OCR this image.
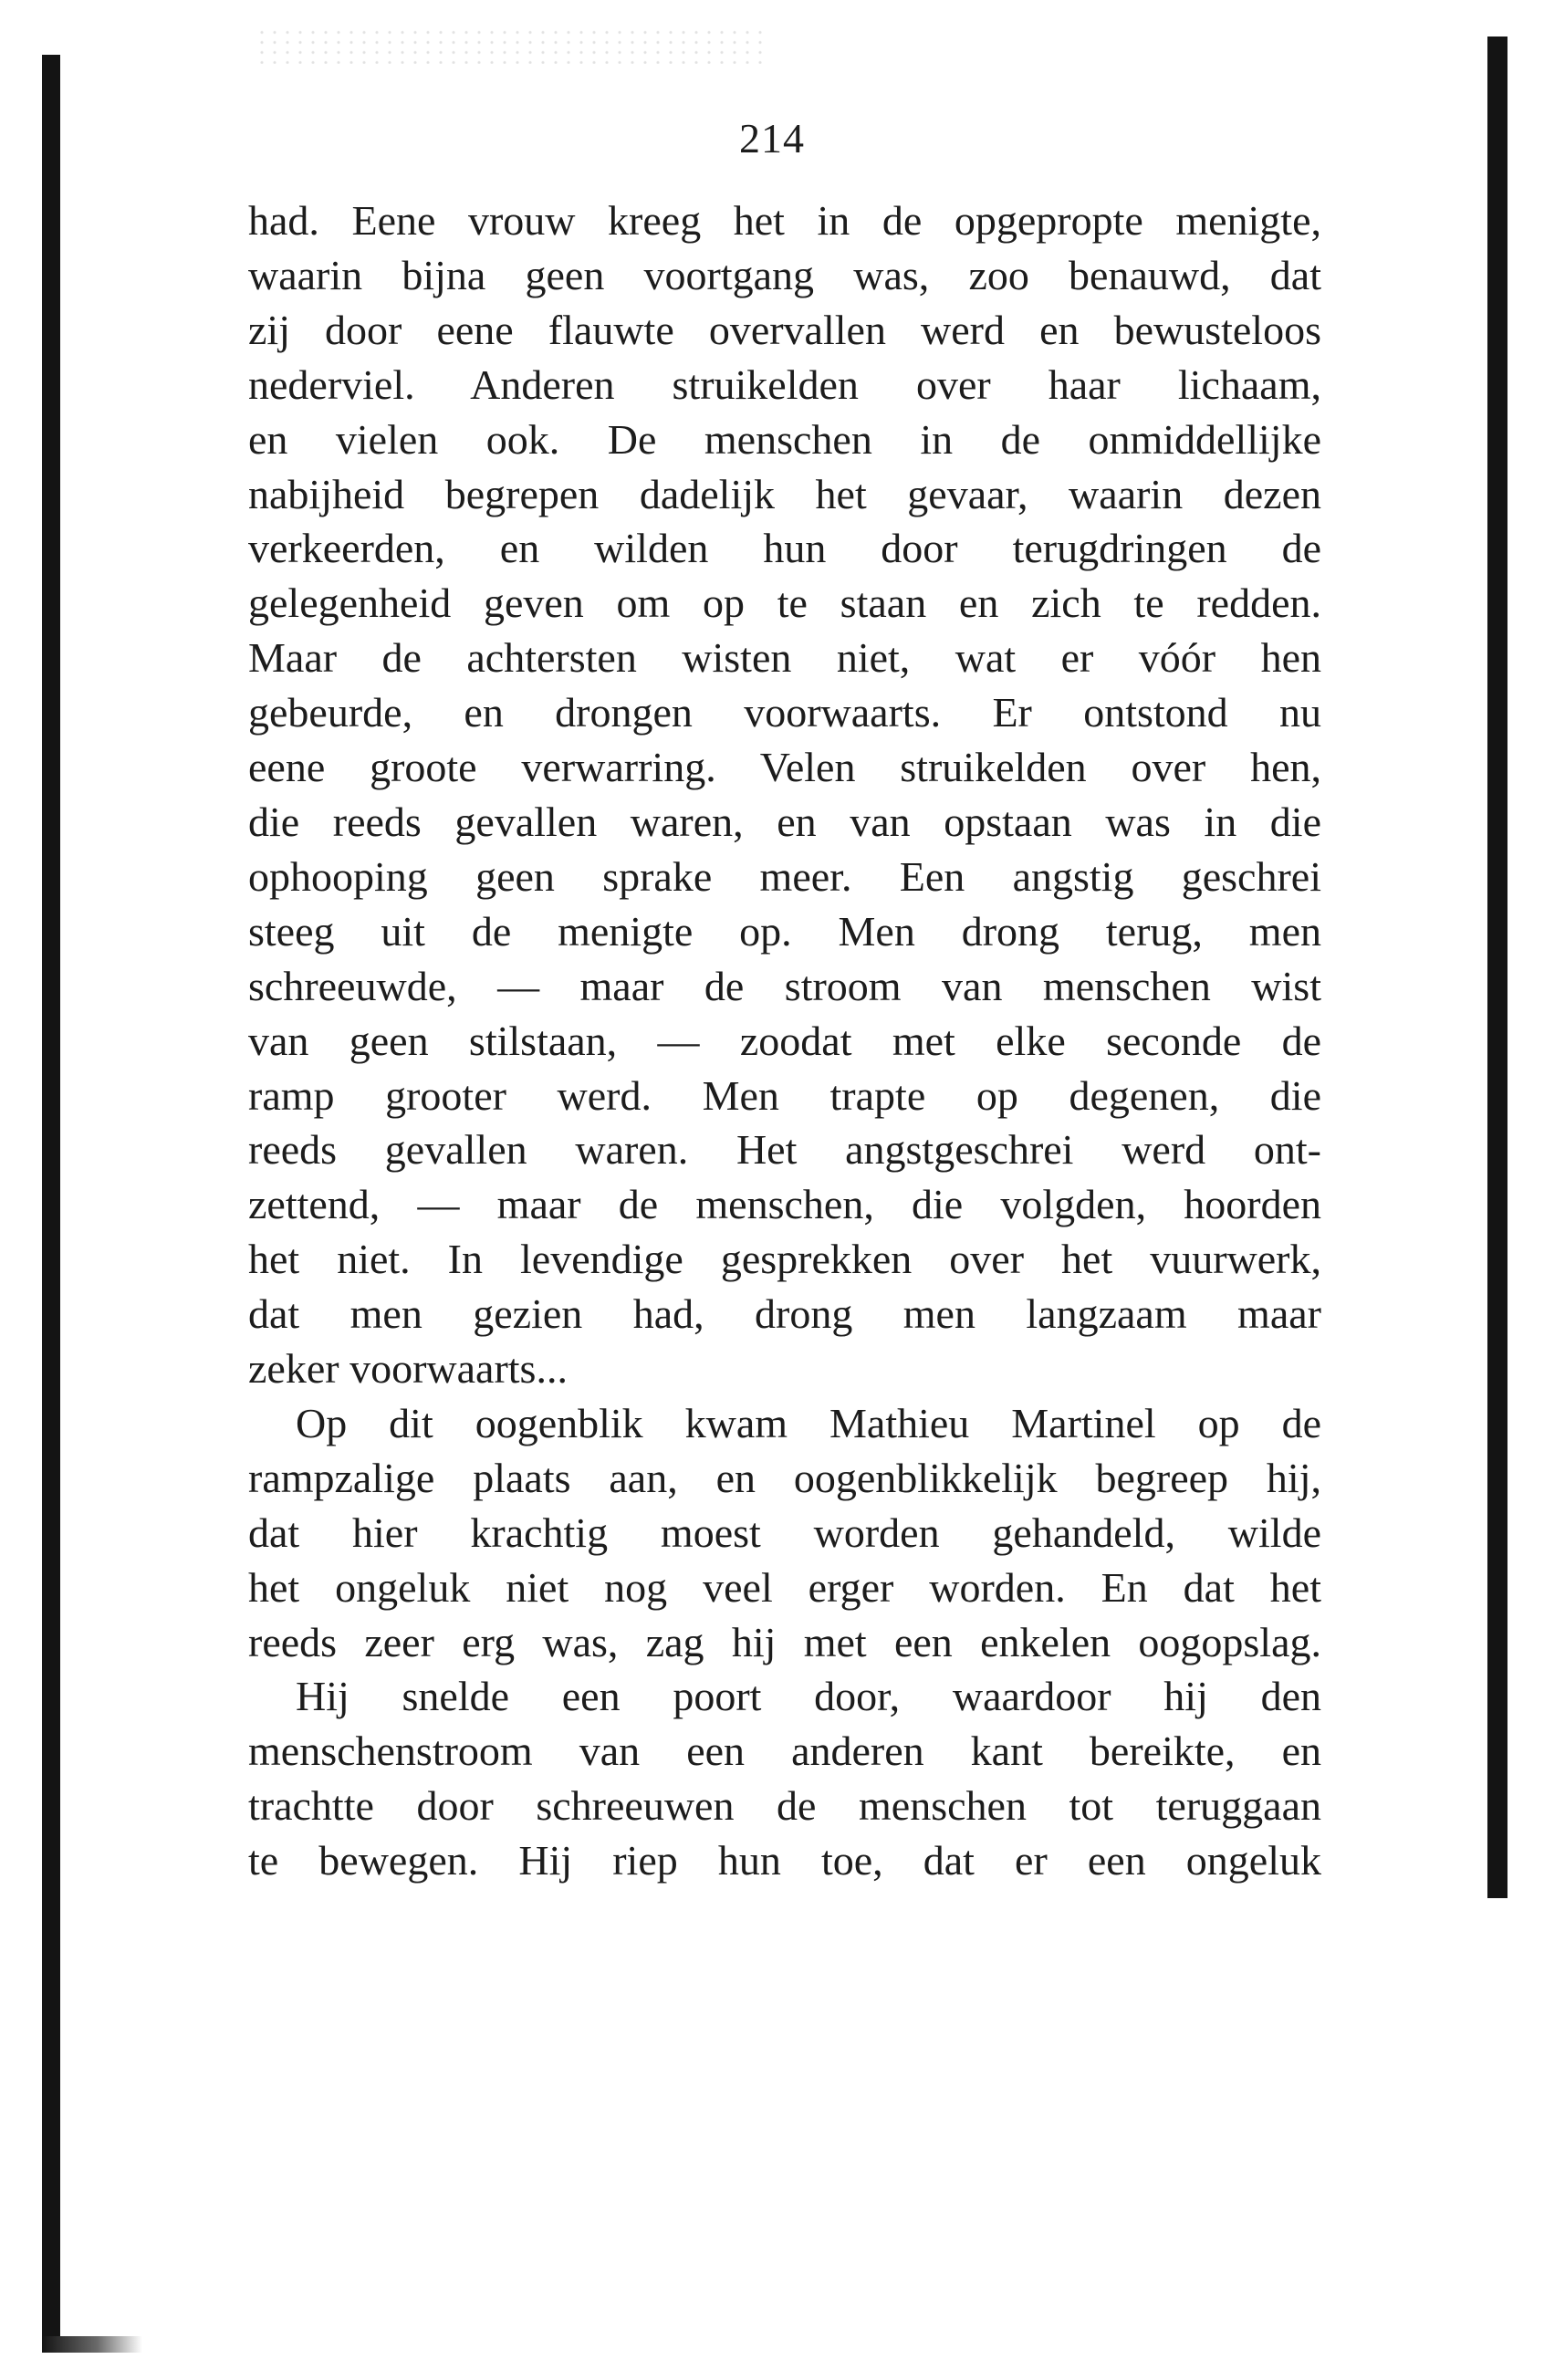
214
had. Eene vrouw kreeg het in de opgepropte menigte,
waarin bijna geen voortgang was, zoo benauwd, dat
zij door eene flauwte overvallen werd en bewusteloos
nederviel. Anderen struikelden over haar lichaam,
en vielen ook. De menschen in de onmiddellijke
nabijheid begrepen dadelijk het gevaar, waarin dezen
verkeerden, en wilden hun door terugdringen de
gelegenheid geven om op te staan en zich te redden.
Maar de achtersten wisten niet, wat er vóór hen
gebeurde, en drongen voorwaarts. Er ontstond nu
eene groote verwarring. Velen struikelden over hen,
die reeds gevallen waren, en van opstaan was in die
ophooping geen sprake meer. Een angstig geschrei
steeg uit de menigte op. Men drong terug, men
schreeuwde, — maar de stroom van menschen wist
van geen stilstaan, — zoodat met elke seconde de
ramp grooter werd. Men trapte op degenen, die
reeds gevallen waren. Het angstgeschrei werd ont-
zettend, — maar de menschen, die volgden, hoorden
het niet. In levendige gesprekken over het vuurwerk,
dat men gezien had, drong men langzaam maar
zeker voorwaarts...
Op dit oogenblik kwam Mathieu Martinel op de
rampzalige plaats aan, en oogenblikkelijk begreep hij,
dat hier krachtig moest worden gehandeld, wilde
het ongeluk niet nog veel erger worden. En dat het
reeds zeer erg was, zag hij met een enkelen oogopslag.
Hij snelde een poort door, waardoor hij den
menschenstroom van een anderen kant bereikte, en
trachtte door schreeuwen de menschen tot teruggaan
te bewegen. Hij riep hun toe, dat er een ongeluk
